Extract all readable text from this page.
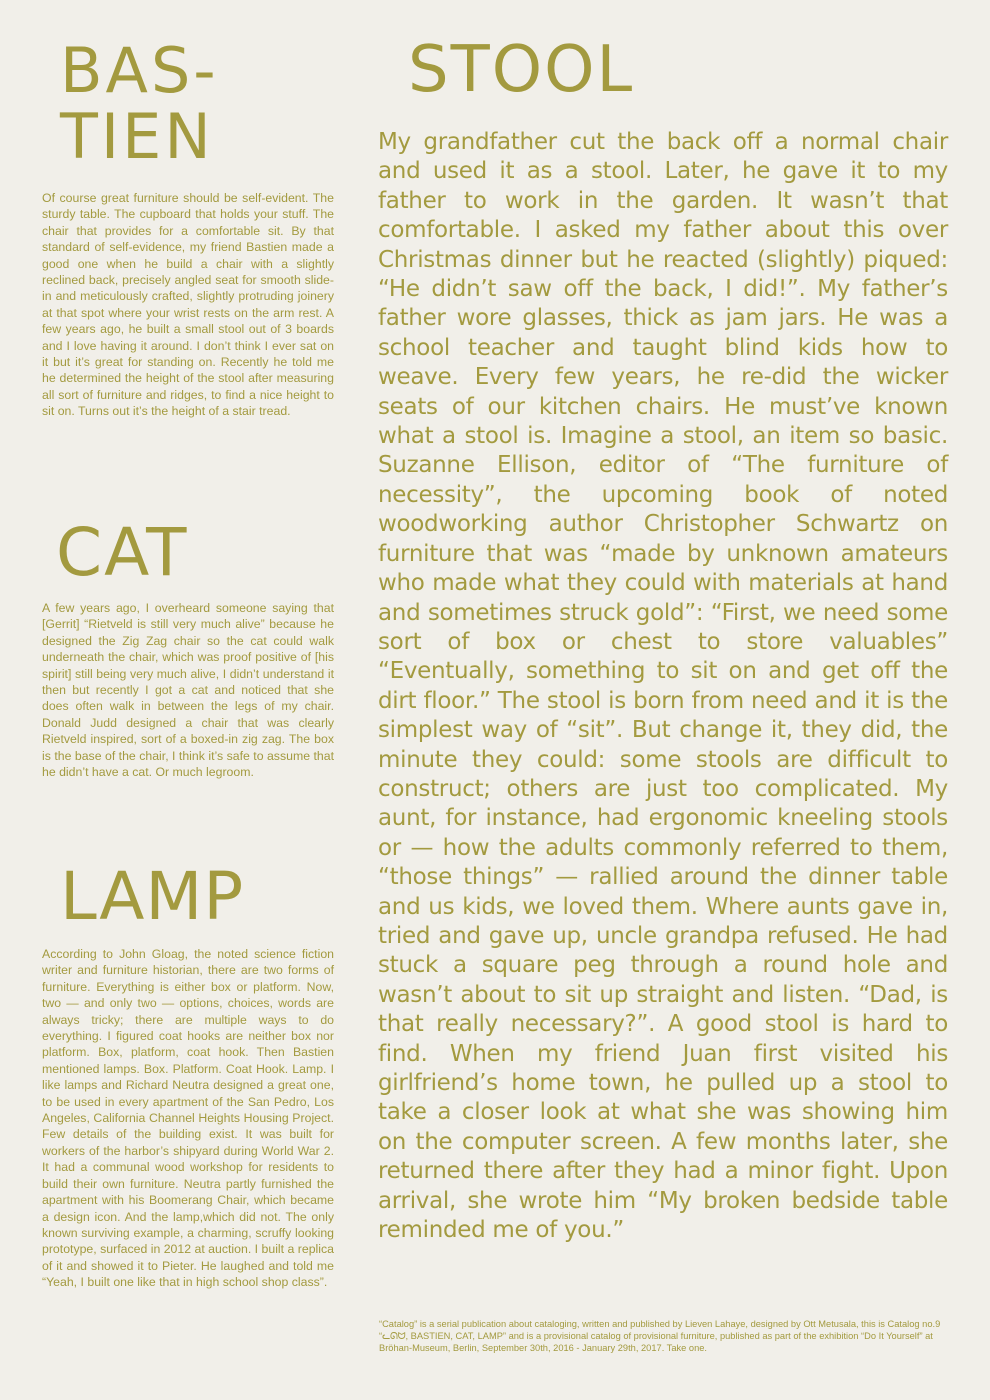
BAS-
TIEN

Of course great furniture should be self-evident. The sturdy table. The cupboard that holds your stuff. The chair that provides for a comfortable sit. By that standard of self-evidence, my friend Bastien made a good one when he build a chair with a slightly reclined back, precisely angled seat for smooth slide-in and meticulously crafted, slightly protruding joinery at that spot where your wrist rests on the arm rest. A few years ago, he built a small stool out of 3 boards and I love having it around. I don’t think I ever sat on it but it’s great for standing on. Recently he told me he determined the height of the stool after measuring all sort of furniture and ridges, to find a nice height to sit on. Turns out it’s the height of a stair tread.

CAT

A few years ago, I overheard someone saying that [Gerrit] “Rietveld is still very much alive” because he designed the Zig Zag chair so the cat could walk underneath the chair, which was proof positive of [his spirit] still being very much alive, I didn’t understand it then but recently I got a cat and noticed that she does often walk in between the legs of my chair. Donald Judd designed a chair that was clearly Rietveld inspired, sort of a boxed-in zig zag. The box is the base of the chair, I think it’s safe to assume that he didn’t have a cat. Or much legroom.

LAMP

According to John Gloag, the noted science fiction writer and furniture historian, there are two forms of furniture. Everything is either box or platform. Now, two — and only two — options, choices, words are always tricky; there are multiple ways to do everything. I figured coat hooks are neither box nor platform. Box, platform, coat hook. Then Bastien mentioned lamps. Box. Platform. Coat Hook. Lamp. I like lamps and Richard Neutra designed a great one, to be used in every apartment of the San Pedro, Los Angeles, California Channel Heights Housing Project. Few details of the building exist. It was built for workers of the harbor’s shipyard during World War 2. It had a communal wood workshop for residents to build their own furniture. Neutra partly furnished the apartment with his Boomerang Chair, which became a design icon. And the lamp,which did not. The only known surviving example, a charming, scruffy looking prototype, surfaced in 2012 at auction. I built a replica of it and showed it to Pieter. He laughed and told me “Yeah, I built one like that in high school shop class”.

STOOL

My grandfather cut the back off a normal chair and used it as a stool. Later, he gave it to my father to work in the garden. It wasn’t that comfortable. I asked my father about this over Christmas dinner but he reacted (slightly) piqued: “He didn’t saw off the back, I did!”. My father’s father wore glasses, thick as jam jars. He was a school teacher and taught blind kids how to weave. Every few years, he re-did the wicker seats of our kitchen chairs. He must’ve known what a stool is. Imagine a stool, an item so basic. Suzanne Ellison, editor of “The furniture of necessity”, the upcoming book of noted woodworking author Christopher Schwartz on furniture that was “made by unknown amateurs who made what they could with materials at hand and sometimes struck gold”: “First, we need some sort of box or chest to store valuables” “Eventually, something to sit on and get off the dirt floor.” The stool is born from need and it is the simplest way of “sit”. But change it, they did, the minute they could: some stools are difficult to construct; others are just too complicated. My aunt, for instance, had ergonomic kneeling stools or — how the adults commonly referred to them, “those things” — rallied around the dinner table and us kids, we loved them. Where aunts gave in, tried and gave up, uncle grandpa refused. He had stuck a square peg through a round hole and wasn’t about to sit up straight and listen. “Dad, is that really necessary?”. A good stool is hard to find. When my friend Juan first visited his girlfriend’s home town, he pulled up a stool to take a closer look at what she was showing him on the computer screen. A few months later, she returned there after they had a minor fight. Upon arrival, she wrote him “My broken bedside table reminded me of you.”

“Catalog” is a serial publication about cataloging, written and published by Lieven Lahaye, designed by Ott Metusala, this is Catalog no.9 “ᓚᘏᗢ, BASTIEN, CAT, LAMP” and is a provisional catalog of provisional furniture, published as part of the exhibition “Do It Yourself” at Bröhan-Museum, Berlin, September 30th, 2016 - January 29th, 2017. Take one.
